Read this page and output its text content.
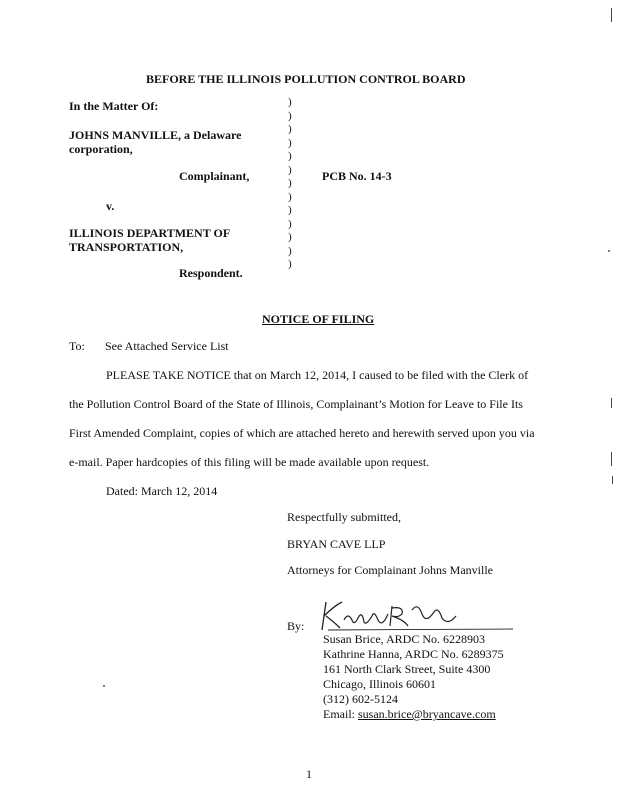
BEFORE THE ILLINOIS POLLUTION CONTROL BOARD
In the Matter Of:
JOHNS MANVILLE, a Delaware
corporation,
Complainant,	PCB No. 14-3
v.
ILLINOIS DEPARTMENT OF
TRANSPORTATION,
Respondent.
)
)
)
)
)
)
)
)
)
)
)
)
)
NOTICE OF FILING
To: See Attached Service List
PLEASE TAKE NOTICE that on March 12, 2014, I caused to be filed with the Clerk of
the Pollution Control Board of the State of Illinois, Complainant’s Motion for Leave to File Its
First Amended Complaint, copies of which are attached hereto and herewith served upon you via
e-mail. Paper hardcopies of this filing will be made available upon request.
Dated: March 12, 2014
Respectfully submitted,
BRYAN CAVE LLP
Attorneys for Complainant Johns Manville
By:
Susan Brice, ARDC No. 6228903
Kathrine Hanna, ARDC No. 6289375
161 North Clark Street, Suite 4300
Chicago, Illinois 60601
(312) 602-5124
Email: susan.brice@bryancave.com
1
